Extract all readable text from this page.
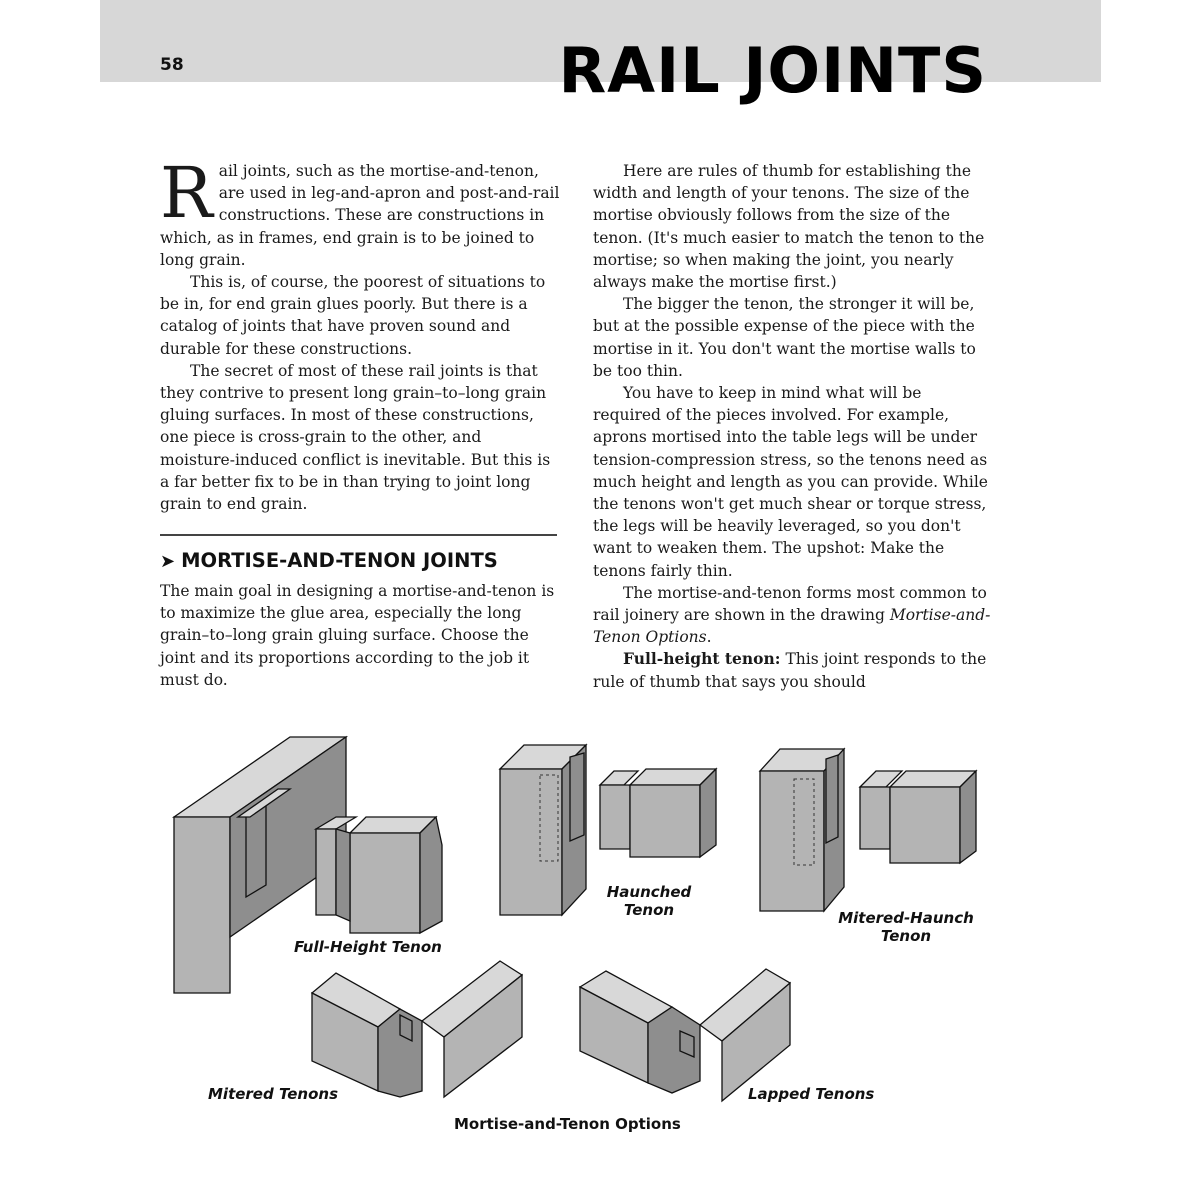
58	RAIL JOINTS

Rail joints, such as the mortise-and-tenon, are used in leg-and-apron and post-and-rail constructions. These are constructions in which, as in frames, end grain is to be joined to long grain.

This is, of course, the poorest of situations to be in, for end grain glues poorly. But there is a catalog of joints that have proven sound and durable for these constructions.

The secret of most of these rail joints is that they contrive to present long grain–to–long grain gluing surfaces. In most of these constructions, one piece is cross-grain to the other, and moisture-induced conflict is inevitable. But this is a far better fix to be in than trying to joint long grain to end grain.

➤ MORTISE-AND-TENON JOINTS

The main goal in designing a mortise-and-tenon is to maximize the glue area, especially the long grain–to–long grain gluing surface. Choose the joint and its proportions according to the job it must do.

Here are rules of thumb for establishing the width and length of your tenons. The size of the mortise obviously follows from the size of the tenon. (It's much easier to match the tenon to the mortise; so when making the joint, you nearly always make the mortise first.)

The bigger the tenon, the stronger it will be, but at the possible expense of the piece with the mortise in it. You don't want the mortise walls to be too thin.

You have to keep in mind what will be required of the pieces involved. For example, aprons mortised into the table legs will be under tension-compression stress, so the tenons need as much height and length as you can provide. While the tenons won't get much shear or torque stress, the legs will be heavily leveraged, so you don't want to weaken them. The upshot: Make the tenons fairly thin.

The mortise-and-tenon forms most common to rail joinery are shown in the drawing Mortise-and-Tenon Options.

Full-height tenon: This joint responds to the rule of thumb that says you should

Full-Height Tenon
Haunched
Tenon	Mitered-Haunch
Tenon
Mitered Tenons	Lapped Tenons
Mortise-and-Tenon Options
